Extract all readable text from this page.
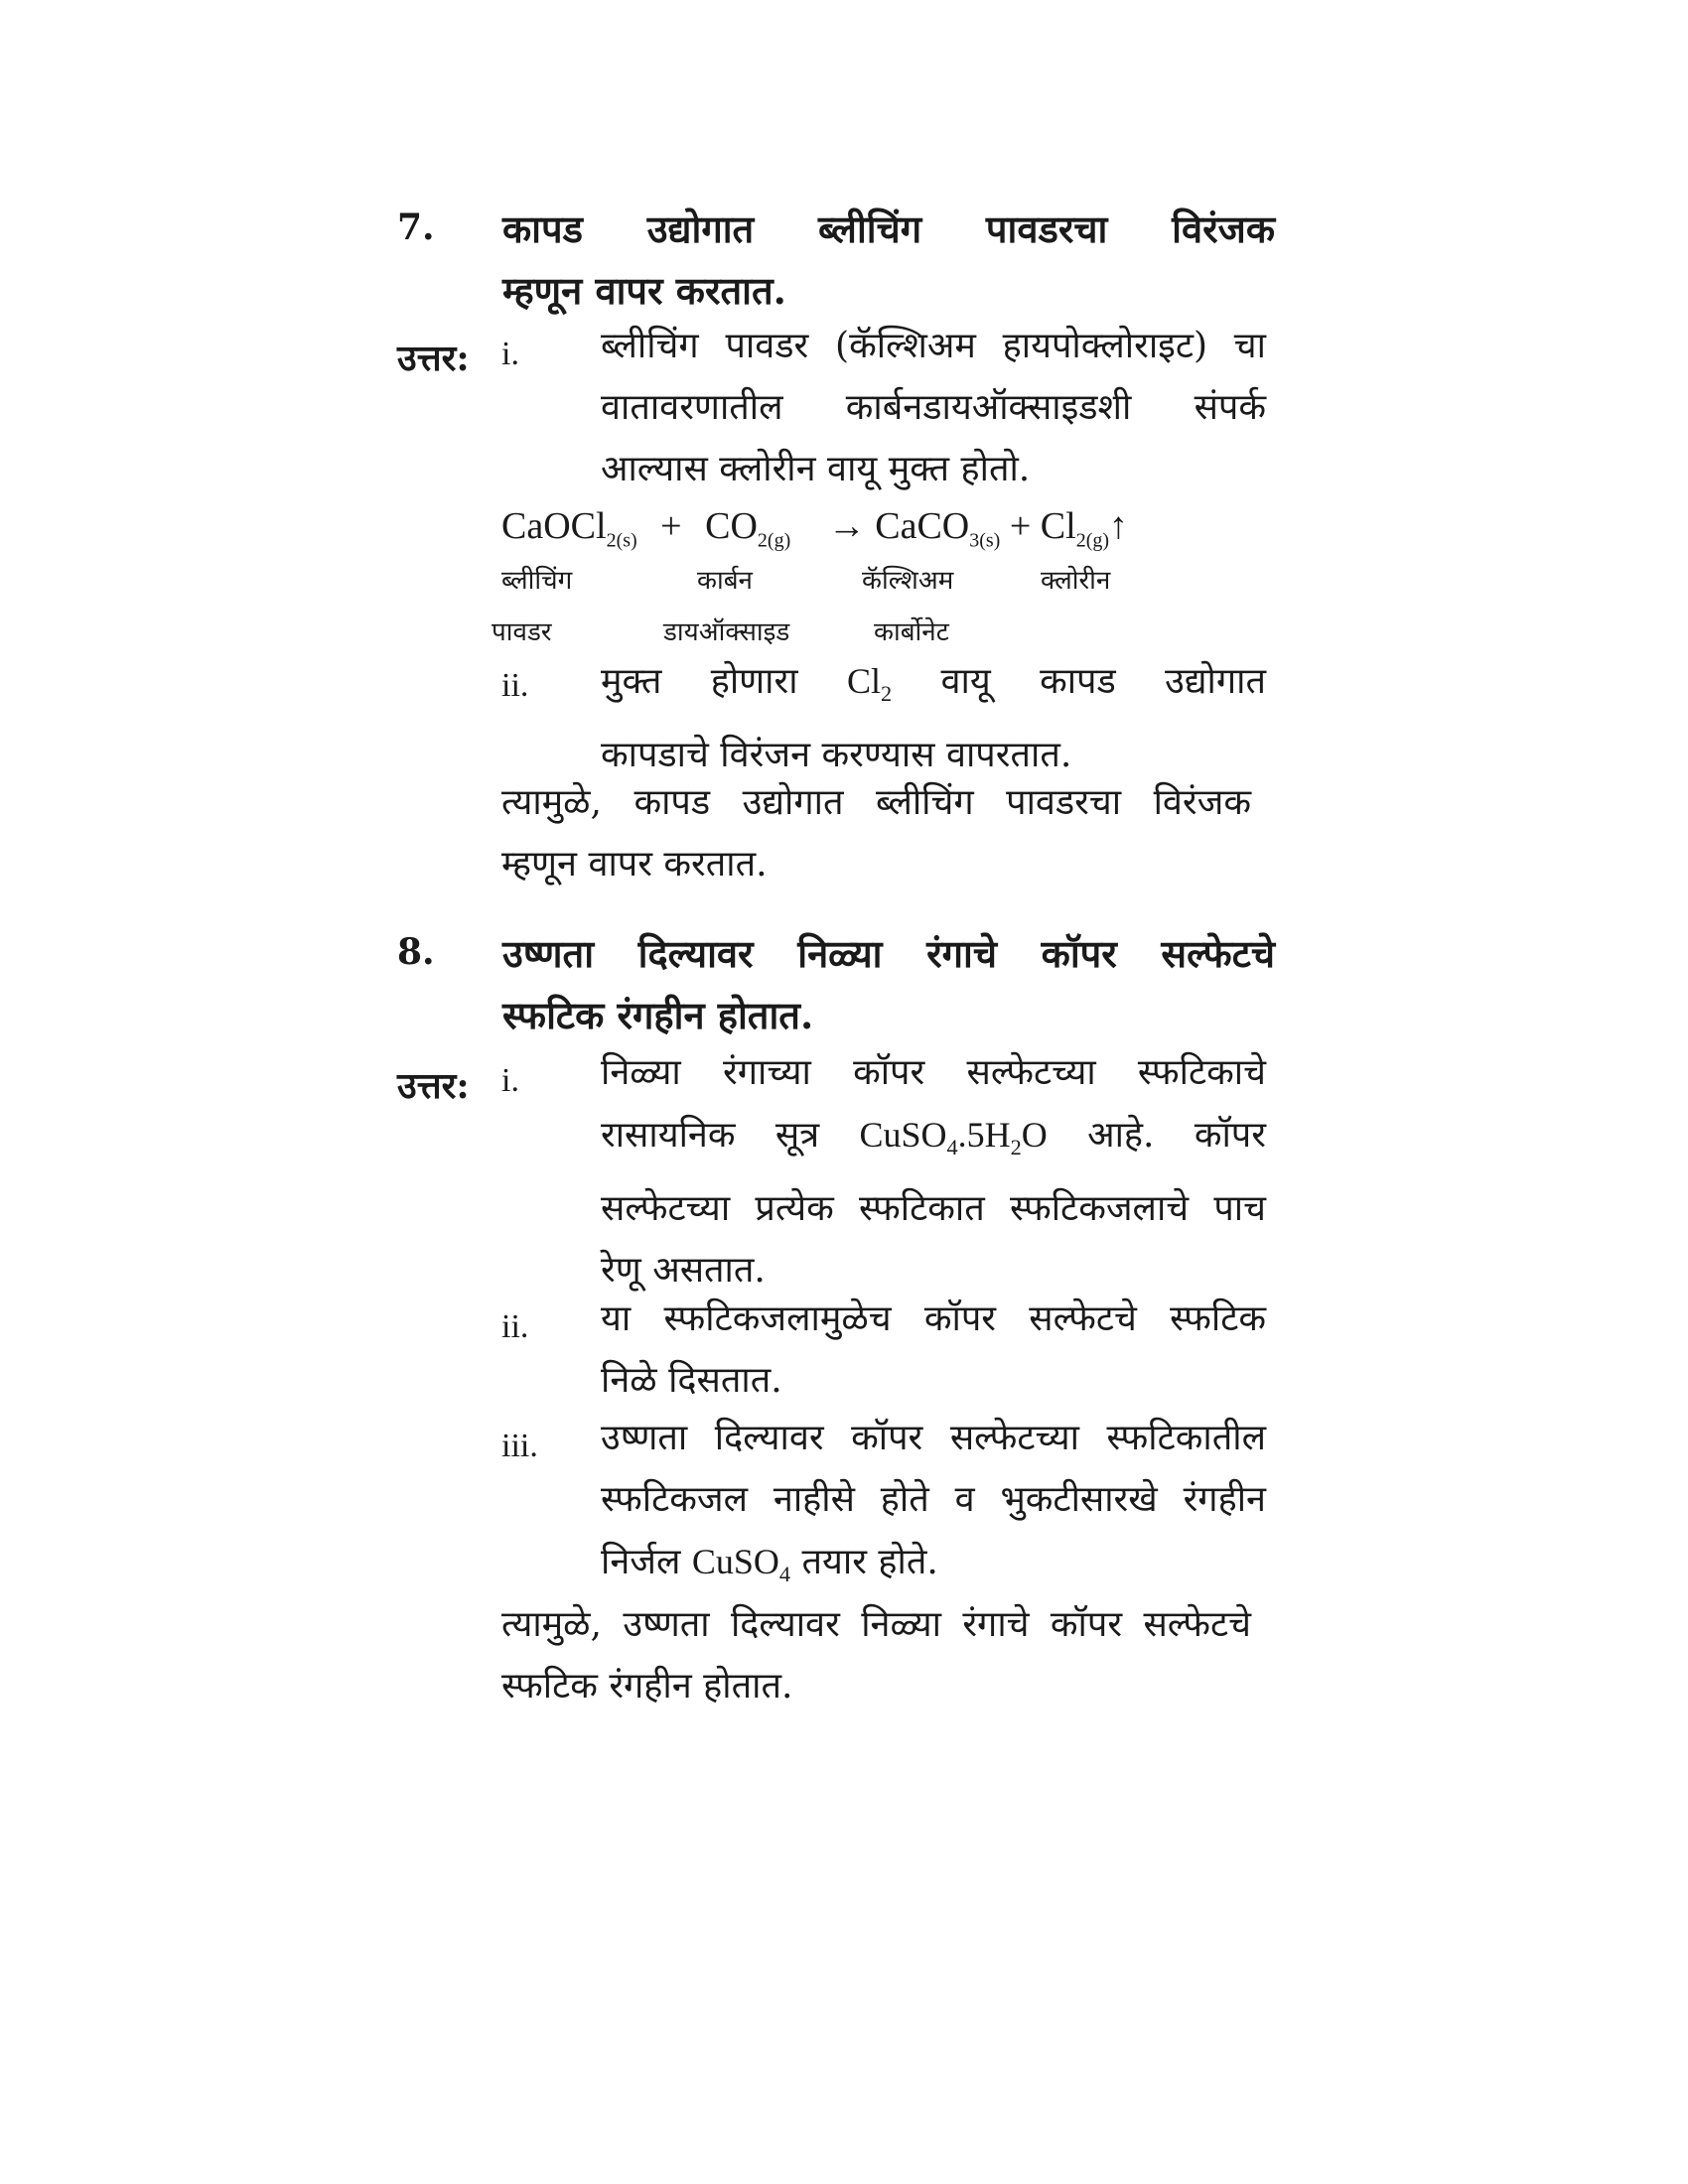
7. कापड उद्योगात ब्लीचिंग पावडरचा विरंजक
म्हणून वापर करतात.
उत्तर: i. ब्लीचिंग पावडर (कॅल्शिअम हायपोक्लोराइट) चा
वातावरणातील कार्बनडायऑक्साइडशी संपर्क
आल्यास क्लोरीन वायू मुक्त होतो.
CaOCl$_{2(s)}$ + $CO_{2(g)}$ → CaCO$_{3(s)}$ + $Cl_{2(g)}↑$
ब्लीचिंग	कार्बन	कॅल्शिअम	क्लोरीन
पावडर	डायऑक्साइड	कार्बोनेट
ii. मुक्त होणारा $Cl_2$ वायू कापड उद्योगात
कापडाचे विरंजन करण्यास वापरतात.
त्यामुळे, कापड उद्योगात ब्लीचिंग पावडरचा विरंजक
म्हणून वापर करतात.
8. उष्णता दिल्यावर निळ्या रंगाचे कॉपर सल्फेटचे
स्फटिक रंगहीन होतात.
उत्तर: i. निळ्या रंगाच्या कॉपर सल्फेटच्या स्फटिकाचे
रासायनिक सूत्र $CuSO_4.5H_2O$ आहे. कॉपर
सल्फेटच्या प्रत्येक स्फटिकात स्फटिकजलाचे पाच
रेणू असतात.
ii. या स्फटिकजलामुळेच कॉपर सल्फेटचे स्फटिक
निळे दिसतात.
iii. उष्णता दिल्यावर कॉपर सल्फेटच्या स्फटिकातील
स्फटिकजल नाहीसे होते व भुकटीसारखे रंगहीन
निर्जल CuSO$_4$ तयार होते.
त्यामुळे, उष्णता दिल्यावर निळ्या रंगाचे कॉपर सल्फेटचे
स्फटिक रंगहीन होतात.
